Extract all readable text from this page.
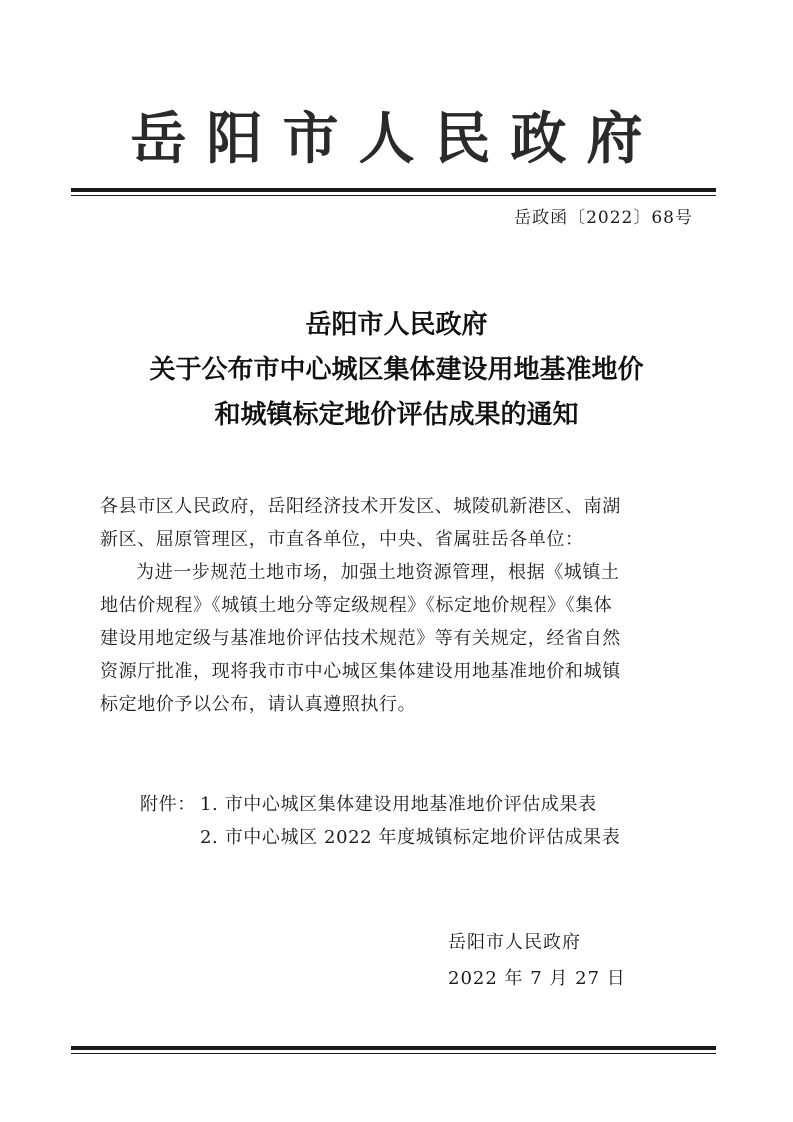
岳阳市人民政府
岳政函〔2022〕68号
岳阳市人民政府
关于公布市中心城区集体建设用地基准地价
和城镇标定地价评估成果的通知
各县市区人民政府，岳阳经济技术开发区、城陵矶新港区、南湖
新区、屈原管理区，市直各单位，中央、省属驻岳各单位：
为进一步规范土地市场，加强土地资源管理，根据《城镇土
地估价规程》《城镇土地分等定级规程》《标定地价规程》《集体
建设用地定级与基准地价评估技术规范》等有关规定，经省自然
资源厅批准，现将我市市中心城区集体建设用地基准地价和城镇
标定地价予以公布，请认真遵照执行。
附件： 1. 市中心城区集体建设用地基准地价评估成果表
2. 市中心城区 2022 年度城镇标定地价评估成果表
岳阳市人民政府
2022 年 7 月 27 日
